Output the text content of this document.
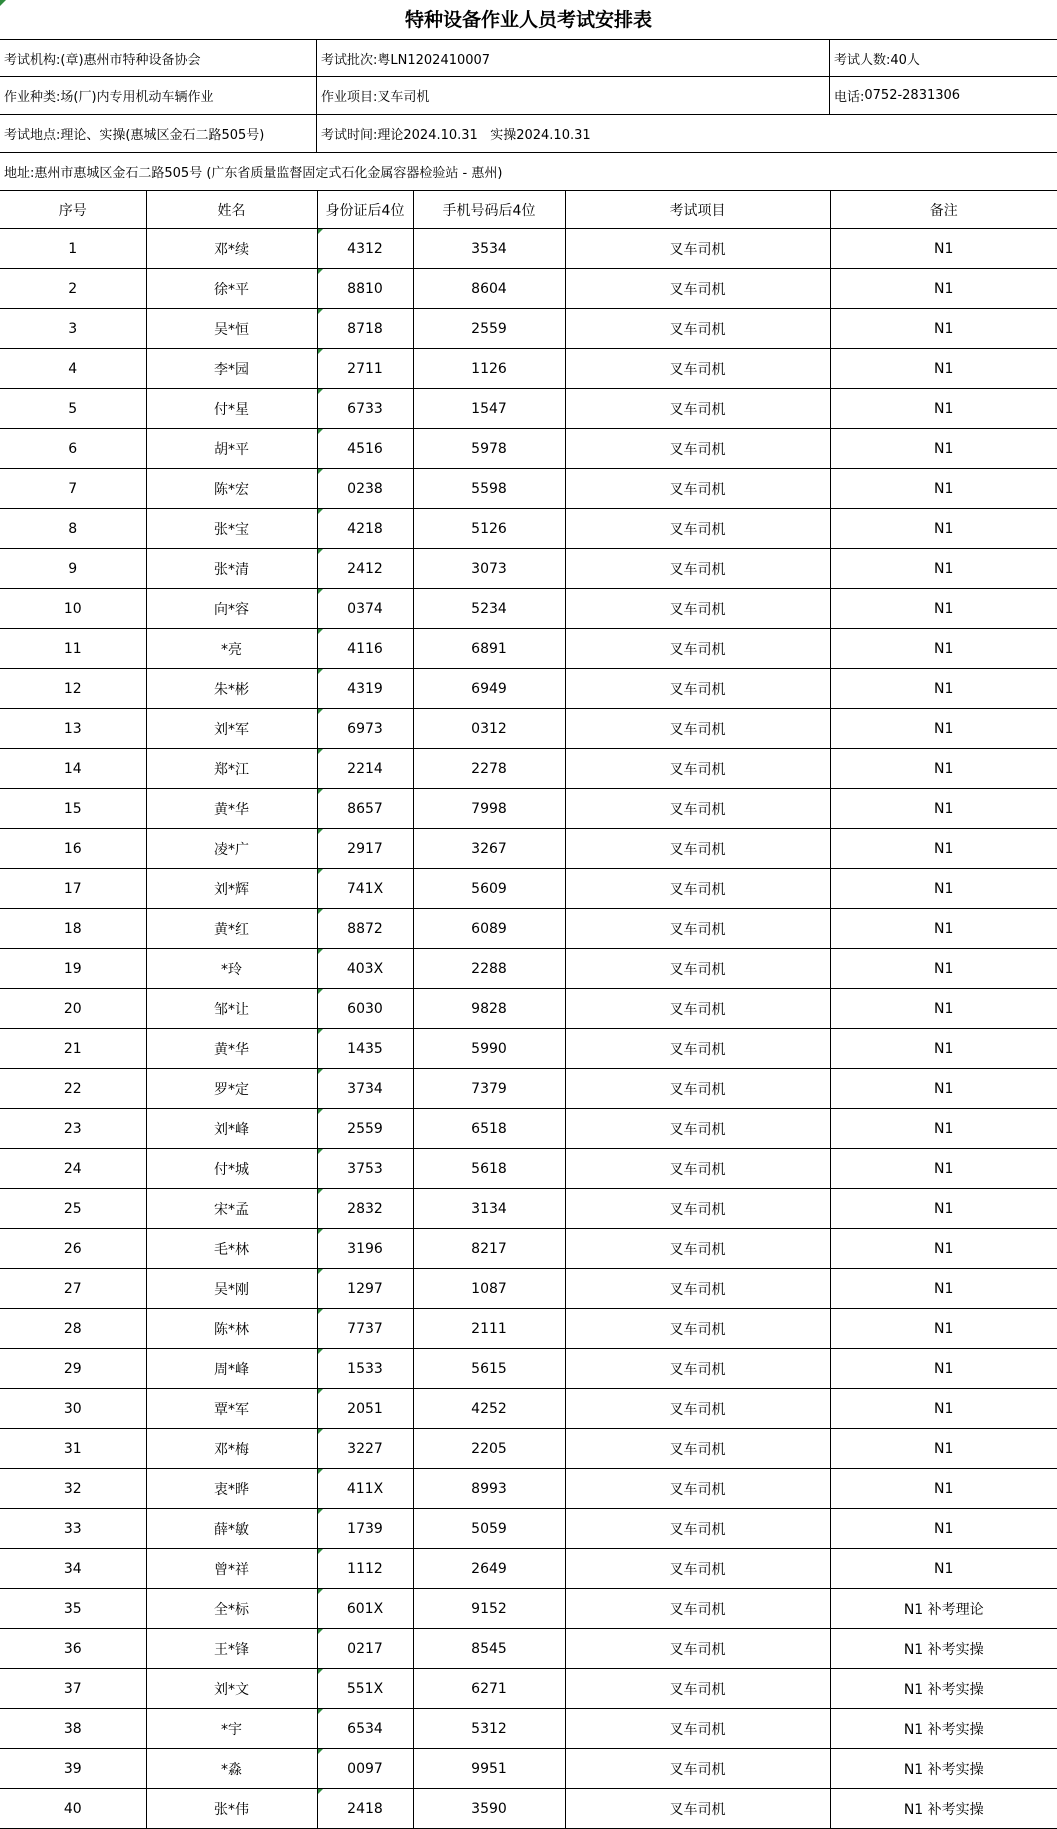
特种设备作业人员考试安排表
考试机构: (章)惠州市特种设备协会	考试批次: 粤LN1202410007	考试人数: 40人
作业种类: 场(厂)内专用机动车辆作业	作业项目: 叉车司机	电话: 0752-2831306
考试地点: 理论、实操(惠城区金石二路505号)	考试时间: 理论2024.10.31   实操2024.10.31
地址: 惠州市惠城区金石二路505号 (广东省质量监督固定式石化金属容器检验站 - 惠州)
序号	姓名	身份证后4位	手机号码后4位	考试项目	备注
1	邓*续	4312	3534	叉车司机	N1
2	徐*平	8810	8604	叉车司机	N1
3	吴*恒	8718	2559	叉车司机	N1
4	李*园	2711	1126	叉车司机	N1
5	付*星	6733	1547	叉车司机	N1
6	胡*平	4516	5978	叉车司机	N1
7	陈*宏	0238	5598	叉车司机	N1
8	张*宝	4218	5126	叉车司机	N1
9	张*清	2412	3073	叉车司机	N1
10	向*容	0374	5234	叉车司机	N1
11	*亮	4116	6891	叉车司机	N1
12	朱*彬	4319	6949	叉车司机	N1
13	刘*军	6973	0312	叉车司机	N1
14	郑*江	2214	2278	叉车司机	N1
15	黄*华	8657	7998	叉车司机	N1
16	凌*广	2917	3267	叉车司机	N1
17	刘*辉	741X	5609	叉车司机	N1
18	黄*红	8872	6089	叉车司机	N1
19	*玲	403X	2288	叉车司机	N1
20	邹*让	6030	9828	叉车司机	N1
21	黄*华	1435	5990	叉车司机	N1
22	罗*定	3734	7379	叉车司机	N1
23	刘*峰	2559	6518	叉车司机	N1
24	付*城	3753	5618	叉车司机	N1
25	宋*孟	2832	3134	叉车司机	N1
26	毛*林	3196	8217	叉车司机	N1
27	吴*刚	1297	1087	叉车司机	N1
28	陈*林	7737	2111	叉车司机	N1
29	周*峰	1533	5615	叉车司机	N1
30	覃*军	2051	4252	叉车司机	N1
31	邓*梅	3227	2205	叉车司机	N1
32	衷*晔	411X	8993	叉车司机	N1
33	薛*敏	1739	5059	叉车司机	N1
34	曾*祥	1112	2649	叉车司机	N1
35	全*标	601X	9152	叉车司机	N1 补考理论
36	王*锋	0217	8545	叉车司机	N1 补考实操
37	刘*文	551X	6271	叉车司机	N1 补考实操
38	*宇	6534	5312	叉车司机	N1 补考实操
39	*淼	0097	9951	叉车司机	N1 补考实操
40	张*伟	2418	3590	叉车司机	N1 补考实操
